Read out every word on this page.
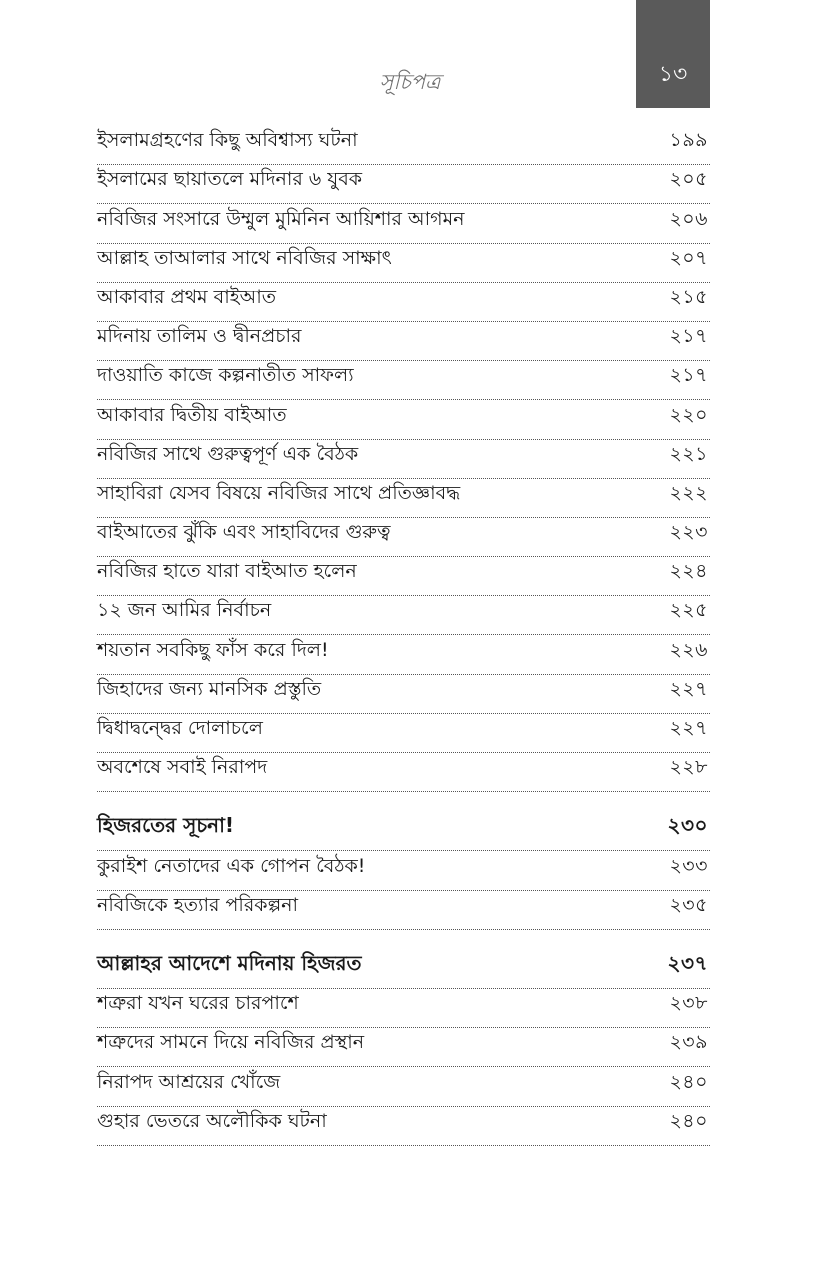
১৩
সূচিপত্র
ইসলামগ্রহণের কিছু অবিশ্বাস্য ঘটনা	১৯৯
ইসলামের ছায়াতলে মদিনার ৬ যুবক	২০৫
নবিজির সংসারে উম্মুল মুমিনিন আয়িশার আগমন	২০৬
আল্লাহ তাআলার সাথে নবিজির সাক্ষাৎ	২০৭
আকাবার প্রথম বাইআত	২১৫
মদিনায় তালিম ও দ্বীনপ্রচার	২১৭
দাওয়াতি কাজে কল্পনাতীত সাফল্য	২১৭
আকাবার দ্বিতীয় বাইআত	২২০
নবিজির সাথে গুরুত্বপূর্ণ এক বৈঠক	২২১
সাহাবিরা যেসব বিষয়ে নবিজির সাথে প্রতিজ্ঞাবদ্ধ	২২২
বাইআতের ঝুঁকি এবং সাহাবিদের গুরুত্ব	২২৩
নবিজির হাতে যারা বাইআত হলেন	২২৪
১২ জন আমির নির্বাচন	২২৫
শয়তান সবকিছু ফাঁস করে দিল!	২২৬
জিহাদের জন্য মানসিক প্রস্তুতি	২২৭
দ্বিধাদ্বন্দ্বের দোলাচলে	২২৭
অবশেষে সবাই নিরাপদ	২২৮
হিজরতের সূচনা!	২৩০
কুরাইশ নেতাদের এক গোপন বৈঠক!	২৩৩
নবিজিকে হত্যার পরিকল্পনা	২৩৫
আল্লাহর আদেশে মদিনায় হিজরত	২৩৭
শত্রুরা যখন ঘরের চারপাশে	২৩৮
শত্রুদের সামনে দিয়ে নবিজির প্রস্থান	২৩৯
নিরাপদ আশ্রয়ের খোঁজে	২৪০
গুহার ভেতরে অলৌকিক ঘটনা	২৪০
